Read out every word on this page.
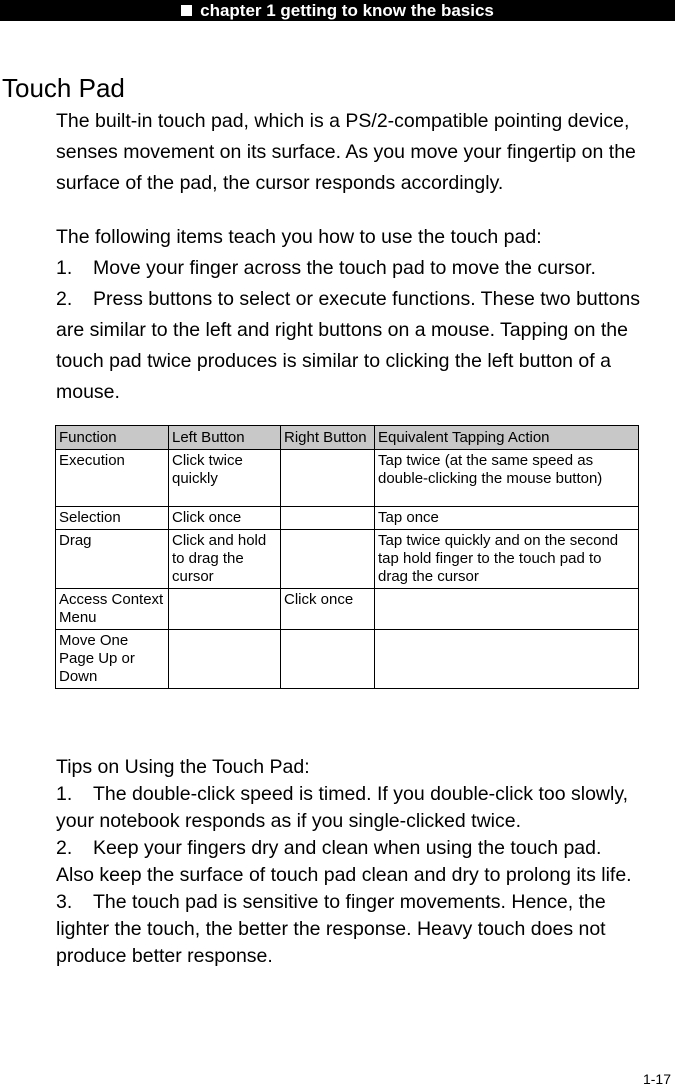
chapter 1 getting to know the basics
Touch Pad
The built-in touch pad, which is a PS/2-compatible pointing device,
senses movement on its surface. As you move your fingertip on the
surface of the pad, the cursor responds accordingly.
The following items teach you how to use the touch pad:
1. Move your finger across the touch pad to move the cursor.
2. Press buttons to select or execute functions. These two buttons
are similar to the left and right buttons on a mouse. Tapping on the
touch pad twice produces is similar to clicking the left button of a
mouse.
Function	Left Button	Right Button	Equivalent Tapping Action
Execution	Click twice quickly		Tap twice (at the same speed as double-clicking the mouse button)
Selection	Click once		Tap once
Drag	Click and hold to drag the cursor		Tap twice quickly and on the second tap hold finger to the touch pad to drag the cursor
Access Context Menu		Click once	
Move One Page Up or Down			
Tips on Using the Touch Pad:
1. The double-click speed is timed. If you double-click too slowly,
your notebook responds as if you single-clicked twice.
2. Keep your fingers dry and clean when using the touch pad.
Also keep the surface of touch pad clean and dry to prolong its life.
3. The touch pad is sensitive to finger movements. Hence, the
lighter the touch, the better the response. Heavy touch does not
produce better response.
1-17
